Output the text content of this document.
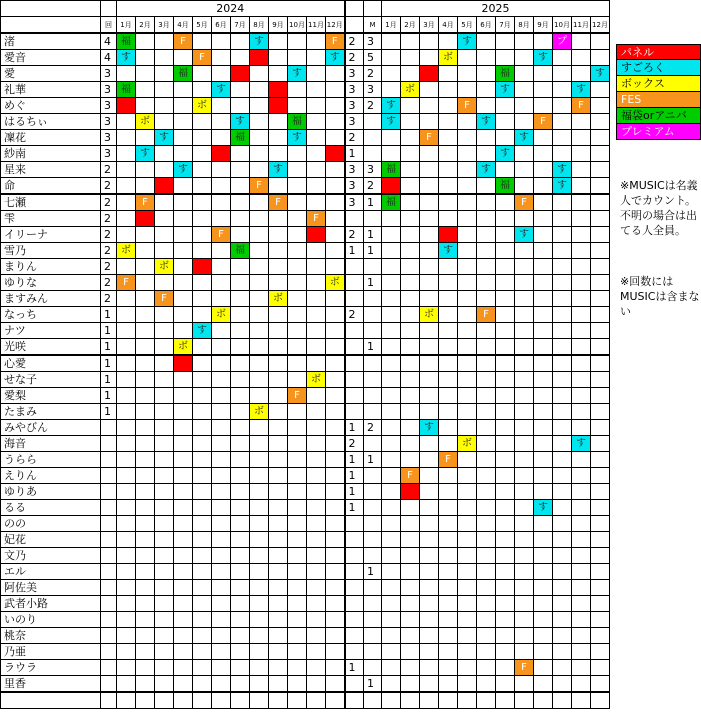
		2024														2025											
	回	1月	2月	3月	4月	5月	6月	7月	8月	9月	10月	11月	12月		M	1月	2月	3月	4月	5月	6月	7月	8月	9月	10月	11月	12月
渚	4	福			F				す				F	2	3					す					プ		
愛音	4	す				F			パ				す	2	5				ボ					す			
愛	3				福			パ			す			3	2			パ				福					す
礼華	3	福					す			パ				3	3		ボ					す				す	
めぐ	3	パ				ボ				パ				3	2	す				F						F	
はるちぃ	3		ボ					す			福			3		す					す			F			
凜花	3			す				福			す			2				F					す				
紗南	3		す				パ						パ	1								す					
星来	2				す					す				3	3	福					す				す		
命	2			パ					F					3	2	パ						福			す		
七瀬	2		F							F				3	1	福							F				
雫	2		パ									F															
イリーナ	2						F					パ		2	1				パ				す				
雪乃	2	ボ						福						1	1				す								
まりん	2			ボ		パ																					
ゆりな	2	F											ボ		1												
ますみん	2			F						ボ																	
なっち	1						ボ							2				ボ			F						
ナツ	1					す																					
光咲	1				ボ										1												
心愛	1				パ																						
せな子	1											ボ															
愛梨	1										F																
たまみ	1								ボ																		
みやびん														1	2			す									
海音														2						ボ						す	
うらら														1	1				F								
えりん														1			F										
ゆりあ														1			パ										
るる														1										す			
のの																											
妃花																											
文乃																											
エル															1												
阿佐美																											
武者小路																											
いのり																											
桃奈																											
乃亜																											
ラウラ														1									F				
里香															1												

パネル
すごろく
ボックス
FES
福袋orアニバ
プレミアム
※MUSICは名義人でカウント。不明の場合は出てる人全員。
※回数にはMUSICは含まない
